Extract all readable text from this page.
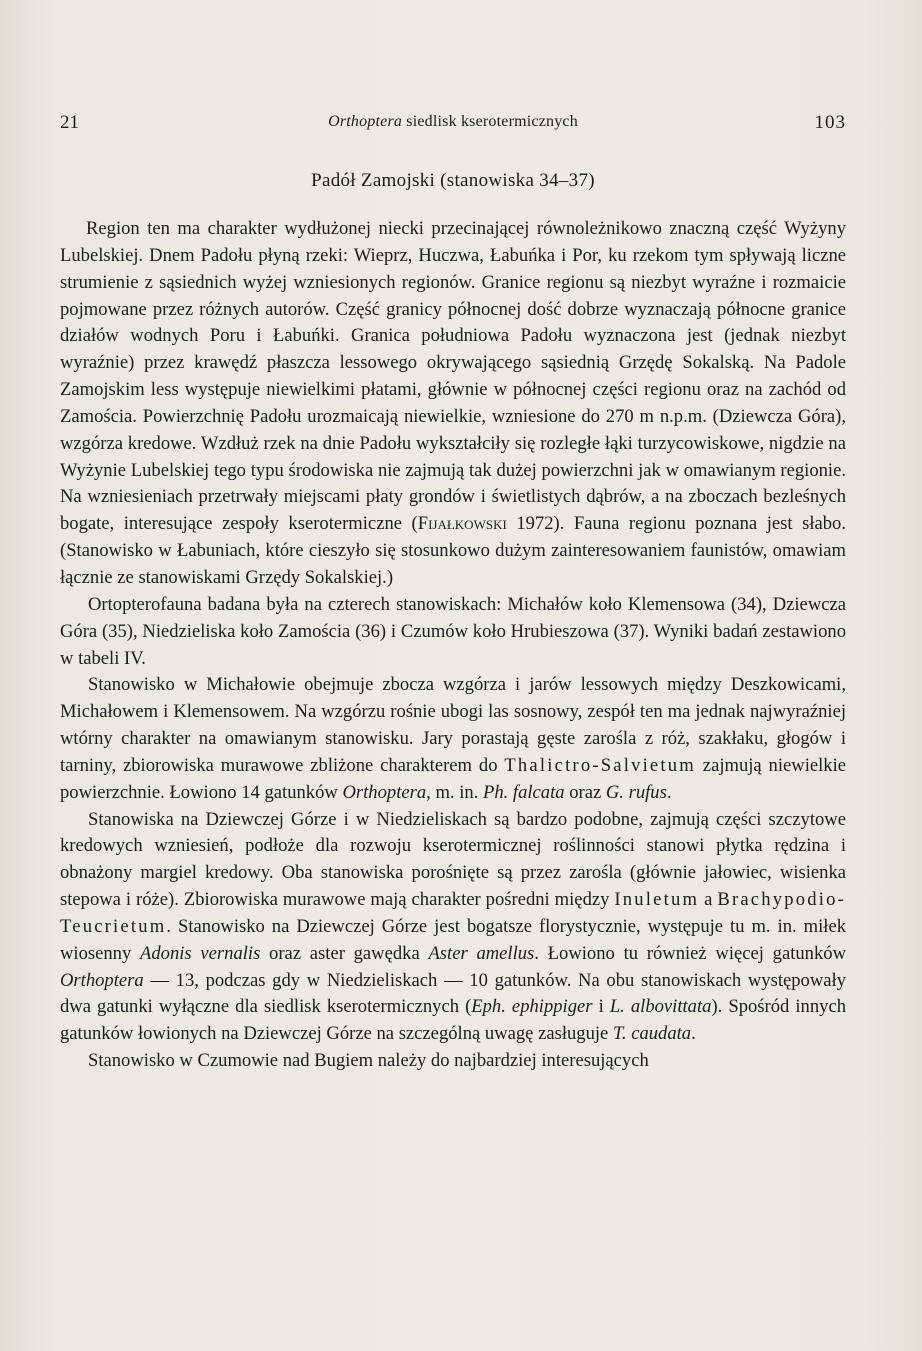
21	Orthoptera siedlisk kserotermicznych	103
Padół Zamojski (stanowiska 34–37)

Region ten ma charakter wydłużonej niecki przecinającej równoleżnikowo znaczną część Wyżyny Lubelskiej. Dnem Padołu płyną rzeki: Wieprz, Huczwa, Łabuńka i Por, ku rzekom tym spływają liczne strumienie z sąsiednich wyżej wzniesionych regionów. Granice regionu są niezbyt wyraźne i rozmaicie pojmowane przez różnych autorów. Część granicy północnej dość dobrze wyznaczają północne granice działów wodnych Poru i Łabuńki. Granica południowa Padołu wyznaczona jest (jednak niezbyt wyraźnie) przez krawędź płaszcza lessowego okrywającego sąsiednią Grzędę Sokalską. Na Padole Zamojskim less występuje niewielkimi płatami, głównie w północnej części regionu oraz na zachód od Zamościa. Powierzchnię Padołu urozmaicają niewielkie, wzniesione do 270 m n.p.m. (Dziewcza Góra), wzgórza kredowe. Wzdłuż rzek na dnie Padołu wykształciły się rozległe łąki turzycowiskowe, nigdzie na Wyżynie Lubelskiej tego typu środowiska nie zajmują tak dużej powierzchni jak w omawianym regionie. Na wzniesieniach przetrwały miejscami płaty grondów i świetlistych dąbrów, a na zboczach bezleśnych bogate, interesujące zespoły kserotermiczne (Fijałkowski 1972). Fauna regionu poznana jest słabo. (Stanowisko w Łabuniach, które cieszyło się stosunkowo dużym zainteresowaniem faunistów, omawiam łącznie ze stanowiskami Grzędy Sokalskiej.)

Ortopterofauna badana była na czterech stanowiskach: Michałów koło Klemensowa (34), Dziewcza Góra (35), Niedzieliska koło Zamościa (36) i Czumów koło Hrubieszowa (37). Wyniki badań zestawiono w tabeli IV.

Stanowisko w Michałowie obejmuje zbocza wzgórza i jarów lessowych między Deszkowicami, Michałowem i Klemensowem. Na wzgórzu rośnie ubogi las sosnowy, zespół ten ma jednak najwyraźniej wtórny charakter na omawianym stanowisku. Jary porastają gęste zarośla z róż, szakłaku, głogów i tarniny, zbiorowiska murawowe zbliżone charakterem do Thalictro-Salvietum zajmują niewielkie powierzchnie. Łowiono 14 gatunków Orthoptera, m. in. Ph. falcata oraz G. rufus.

Stanowiska na Dziewczej Górze i w Niedzieliskach są bardzo podobne, zajmują części szczytowe kredowych wzniesień, podłoże dla rozwoju kserotermicznej roślinności stanowi płytka rędzina i obnażony margiel kredowy. Oba stanowiska porośnięte są przez zarośla (głównie jałowiec, wisienka stepowa i róże). Zbiorowiska murawowe mają charakter pośredni między Inuletum a Brachypodio-Teucrietum. Stanowisko na Dziewczej Górze jest bogatsze florystycznie, występuje tu m. in. miłek wiosenny Adonis vernalis oraz aster gawędka Aster amellus. Łowiono tu również więcej gatunków Orthoptera — 13, podczas gdy w Niedzieliskach — 10 gatunków. Na obu stanowiskach występowały dwa gatunki wyłączne dla siedlisk kserotermicznych (Eph. ephippiger i L. albovittata). Spośród innych gatunków łowionych na Dziewczej Górze na szczególną uwagę zasługuje T. caudata.

Stanowisko w Czumowie nad Bugiem należy do najbardziej interesujących
